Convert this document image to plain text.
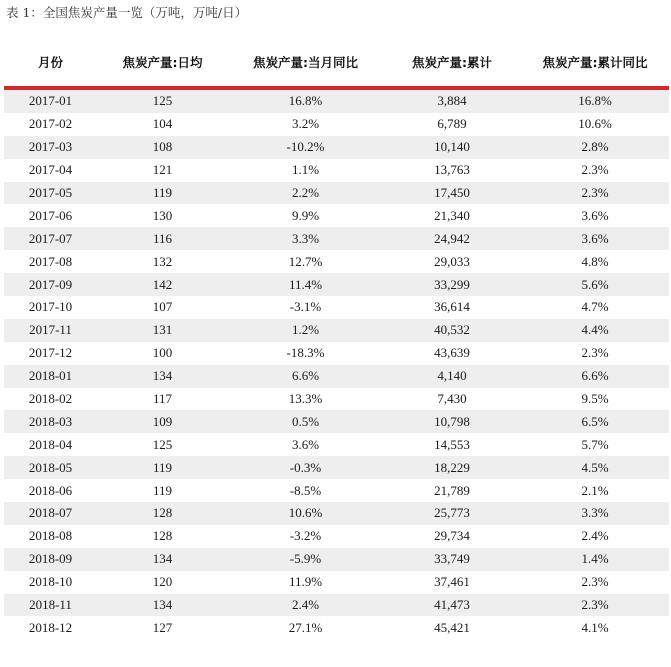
表 1：全国焦炭产量一览（万吨，万吨/日）
月份	焦炭产量:日均	焦炭产量:当月同比	焦炭产量:累计	焦炭产量:累计同比
2017-01	125	16.8%	3,884	16.8%
2017-02	104	3.2%	6,789	10.6%
2017-03	108	-10.2%	10,140	2.8%
2017-04	121	1.1%	13,763	2.3%
2017-05	119	2.2%	17,450	2.3%
2017-06	130	9.9%	21,340	3.6%
2017-07	116	3.3%	24,942	3.6%
2017-08	132	12.7%	29,033	4.8%
2017-09	142	11.4%	33,299	5.6%
2017-10	107	-3.1%	36,614	4.7%
2017-11	131	1.2%	40,532	4.4%
2017-12	100	-18.3%	43,639	2.3%
2018-01	134	6.6%	4,140	6.6%
2018-02	117	13.3%	7,430	9.5%
2018-03	109	0.5%	10,798	6.5%
2018-04	125	3.6%	14,553	5.7%
2018-05	119	-0.3%	18,229	4.5%
2018-06	119	-8.5%	21,789	2.1%
2018-07	128	10.6%	25,773	3.3%
2018-08	128	-3.2%	29,734	2.4%
2018-09	134	-5.9%	33,749	1.4%
2018-10	120	11.9%	37,461	2.3%
2018-11	134	2.4%	41,473	2.3%
2018-12	127	27.1%	45,421	4.1%
